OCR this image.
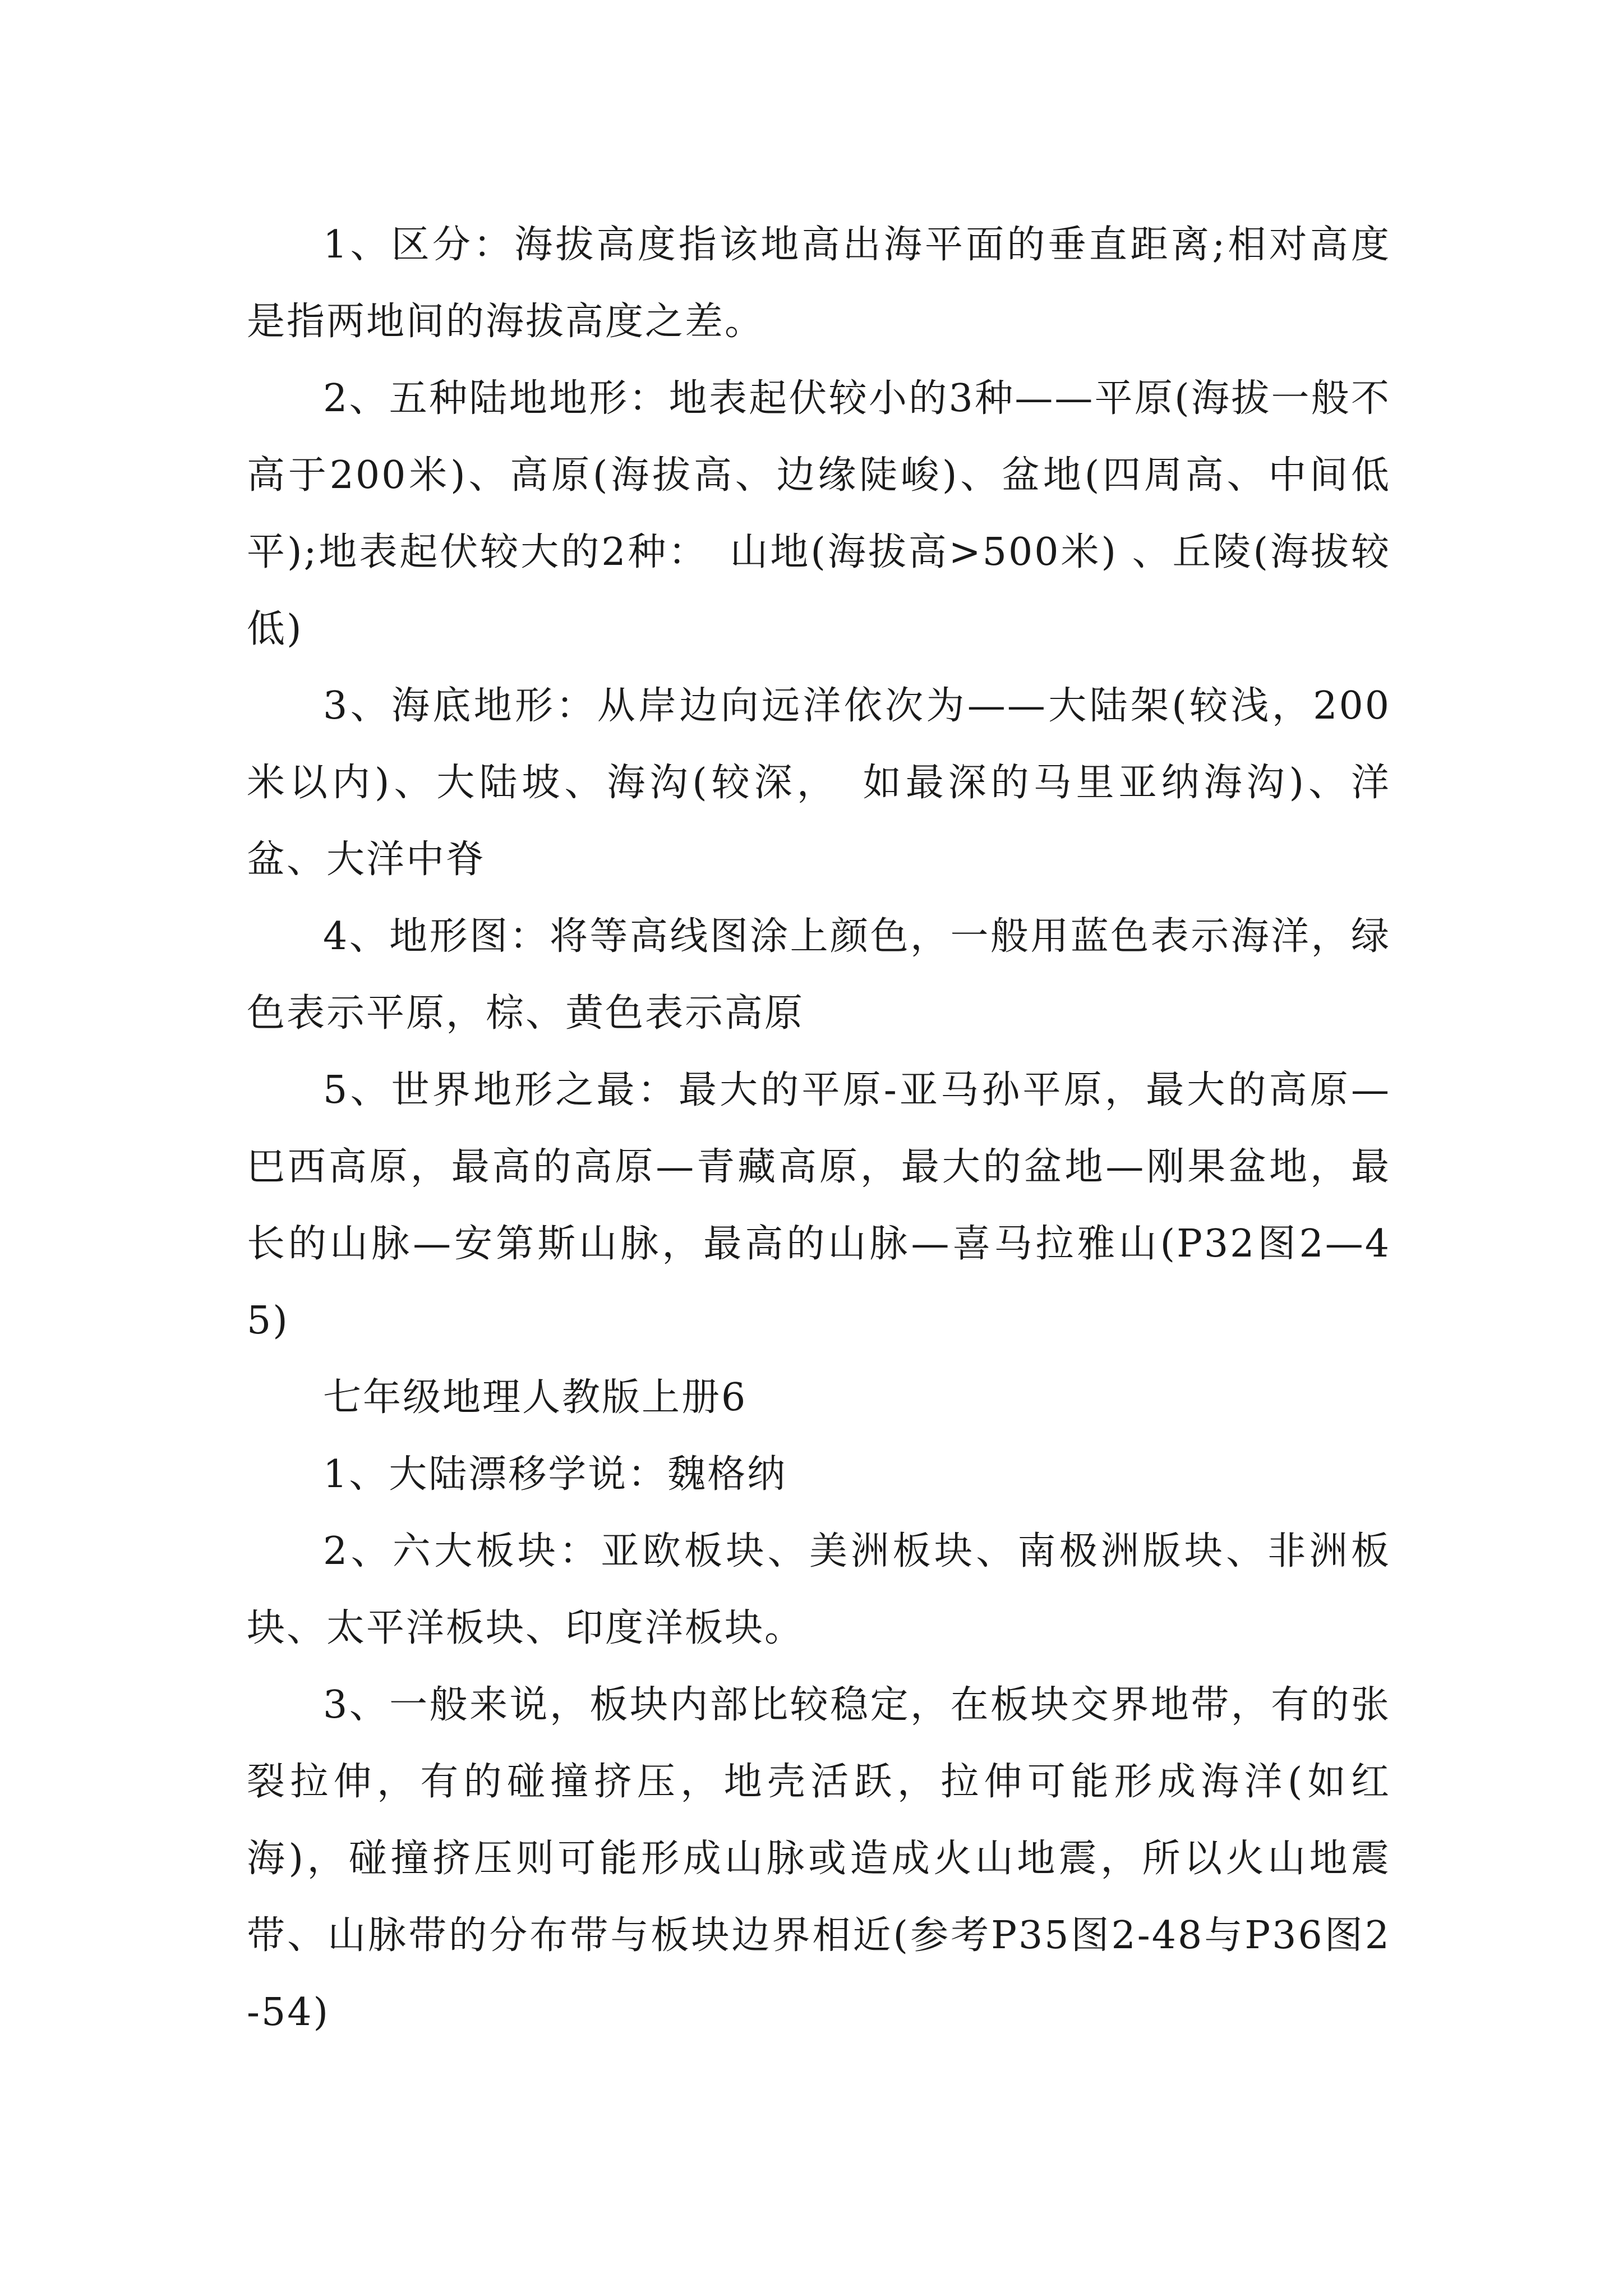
1、区分：海拔高度指该地高出海平面的垂直距离;相对高度是指两地间的海拔高度之差。

2、五种陆地地形：地表起伏较小的3种——平原(海拔一般不高于200米)、高原(海拔高、边缘陡峻)、盆地(四周高、中间低平);地表起伏较大的2种：　山地(海拔高>500米) 、丘陵(海拔较低)

3、海底地形：从岸边向远洋依次为——大陆架(较浅，200米以内)、大陆坡、海沟(较深，　如最深的马里亚纳海沟)、洋盆、大洋中脊

4、地形图：将等高线图涂上颜色，一般用蓝色表示海洋，绿色表示平原，棕、黄色表示高原

5、世界地形之最：最大的平原-亚马孙平原，最大的高原—巴西高原，最高的高原—青藏高原，最大的盆地—刚果盆地，最长的山脉—安第斯山脉，最高的山脉—喜马拉雅山(P32图2—45)

七年级地理人教版上册6

1、大陆漂移学说：魏格纳

2、六大板块：亚欧板块、美洲板块、南极洲版块、非洲板块、太平洋板块、印度洋板块。

3、一般来说，板块内部比较稳定，在板块交界地带，有的张裂拉伸，有的碰撞挤压，地壳活跃，拉伸可能形成海洋(如红海)，碰撞挤压则可能形成山脉或造成火山地震，所以火山地震带、山脉带的分布带与板块边界相近(参考P35图2-48与P36图2-54)
